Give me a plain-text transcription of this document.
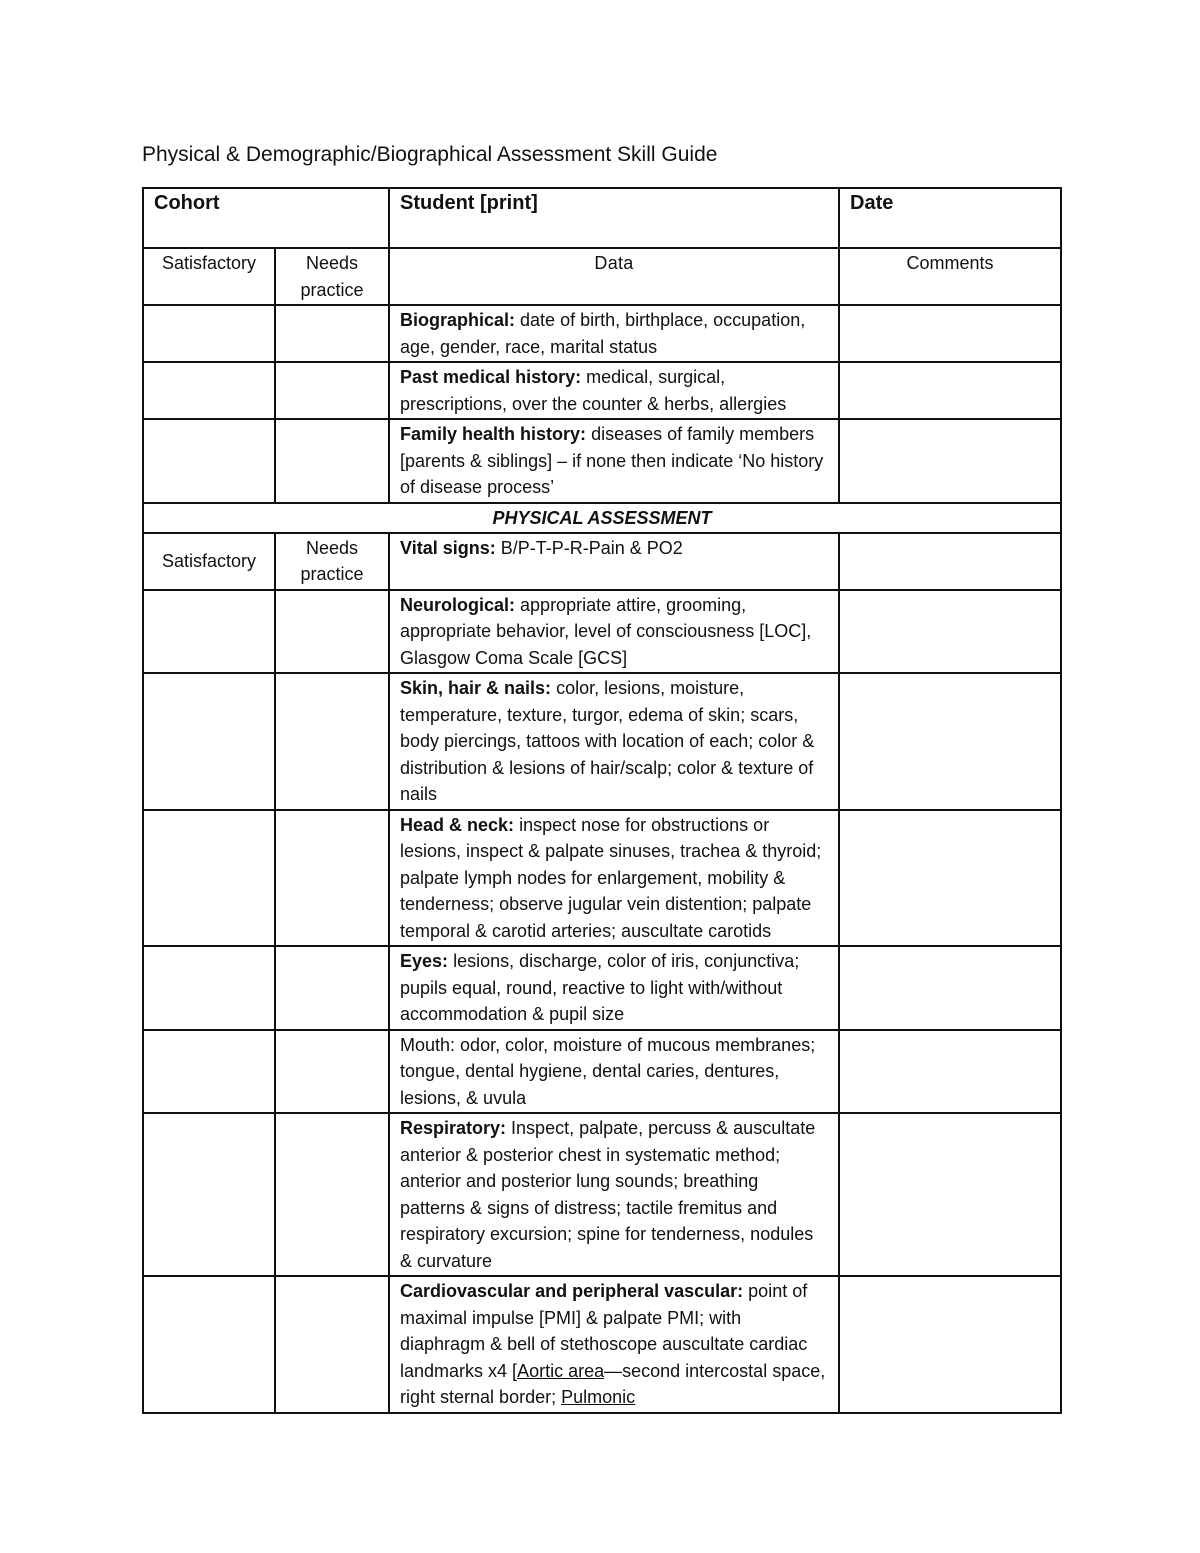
Physical & Demographic/Biographical Assessment Skill Guide
Cohort		Student [print]	Date
Satisfactory	Needs practice	Data	Comments
		Biographical: date of birth, birthplace, occupation, age, gender, race, marital status	
		Past medical history: medical, surgical, prescriptions, over the counter & herbs, allergies	
		Family health history: diseases of family members [parents & siblings] – if none then indicate ‘No history of disease process’	
PHYSICAL ASSESSMENT			
Satisfactory	Needs practice	Vital signs: B/P-T-P-R-Pain & PO2	
		Neurological: appropriate attire, grooming, appropriate behavior, level of consciousness [LOC], Glasgow Coma Scale [GCS]	
		Skin, hair & nails: color, lesions, moisture, temperature, texture, turgor, edema of skin; scars, body piercings, tattoos with location of each; color & distribution & lesions of hair/scalp; color & texture of nails	
		Head & neck: inspect nose for obstructions or lesions, inspect & palpate sinuses, trachea & thyroid; palpate lymph nodes for enlargement, mobility & tenderness; observe jugular vein distention; palpate temporal & carotid arteries; auscultate carotids	
		Eyes: lesions, discharge, color of iris, conjunctiva; pupils equal, round, reactive to light with/without accommodation & pupil size	
		Mouth: odor, color, moisture of mucous membranes; tongue, dental hygiene, dental caries, dentures, lesions, & uvula	
		Respiratory: Inspect, palpate, percuss & auscultate anterior & posterior chest in systematic method; anterior and posterior lung sounds; breathing patterns & signs of distress; tactile fremitus and respiratory excursion; spine for tenderness, nodules & curvature	
		Cardiovascular and peripheral vascular: point of maximal impulse [PMI] & palpate PMI; with diaphragm & bell of stethoscope auscultate cardiac landmarks x4 [Aortic area—second intercostal space, right sternal border; Pulmonic	
